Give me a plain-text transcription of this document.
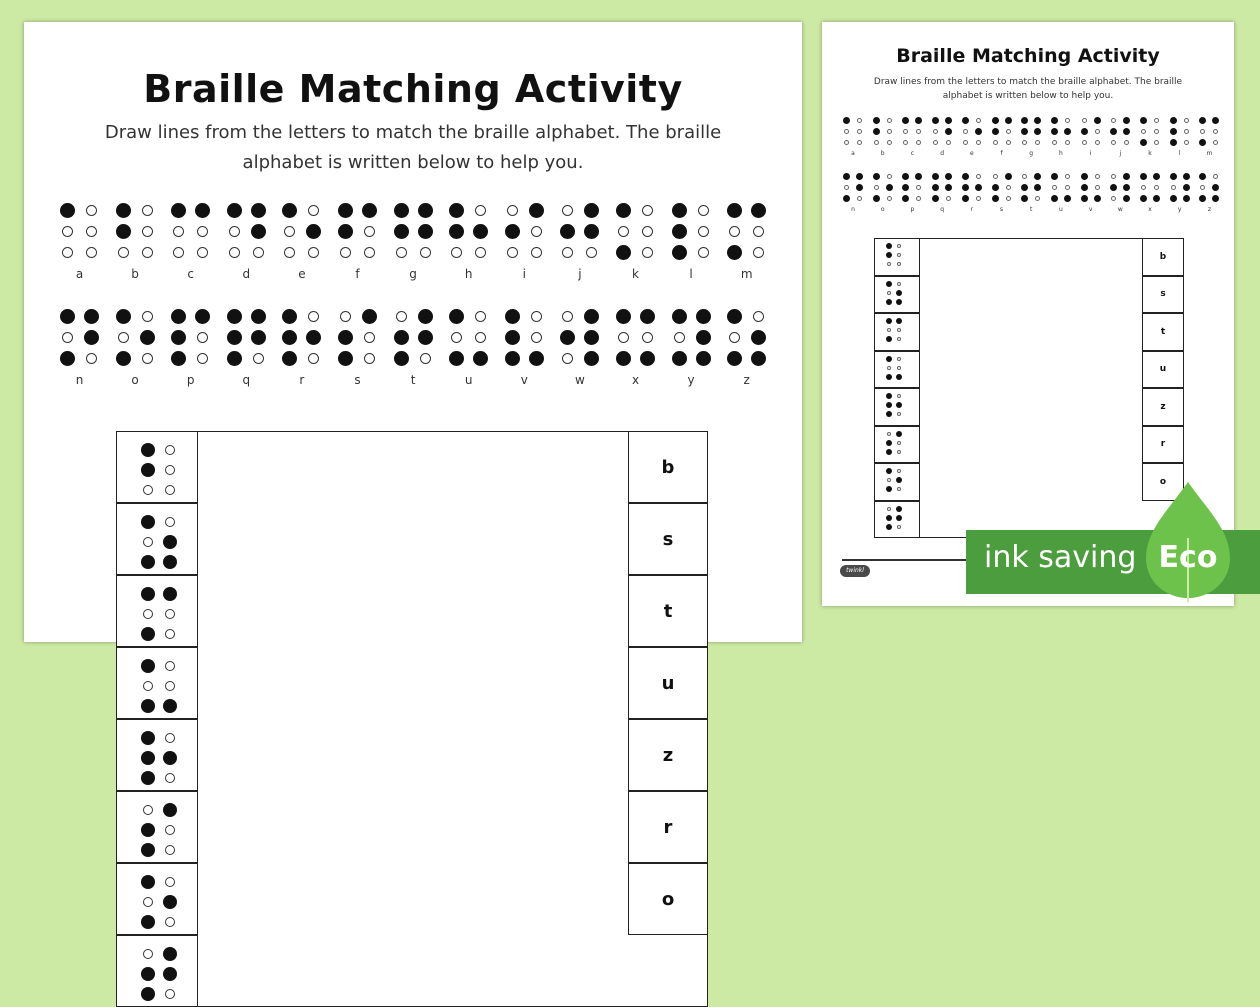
Braille Matching Activity
Draw lines from the letters to match the braille alphabet. The braille
alphabet is written below to help you.
a	b	c	d	e	f	g	h	i	j	k	l	m
n	o	p	q	r	s	t	u	v	w	x	y	z
b
s
t
u
z
r
o
Braille Matching Activity
Draw lines from the letters to match the braille alphabet. The braille
alphabet is written below to help you.
a	b	c	d	e	f	g	h	i	j	k	l	m
n	o	p	q	r	s	t	u	v	w	x	y	z
b
s
t
u
z
r
o
twinkl	ink saving Eco
